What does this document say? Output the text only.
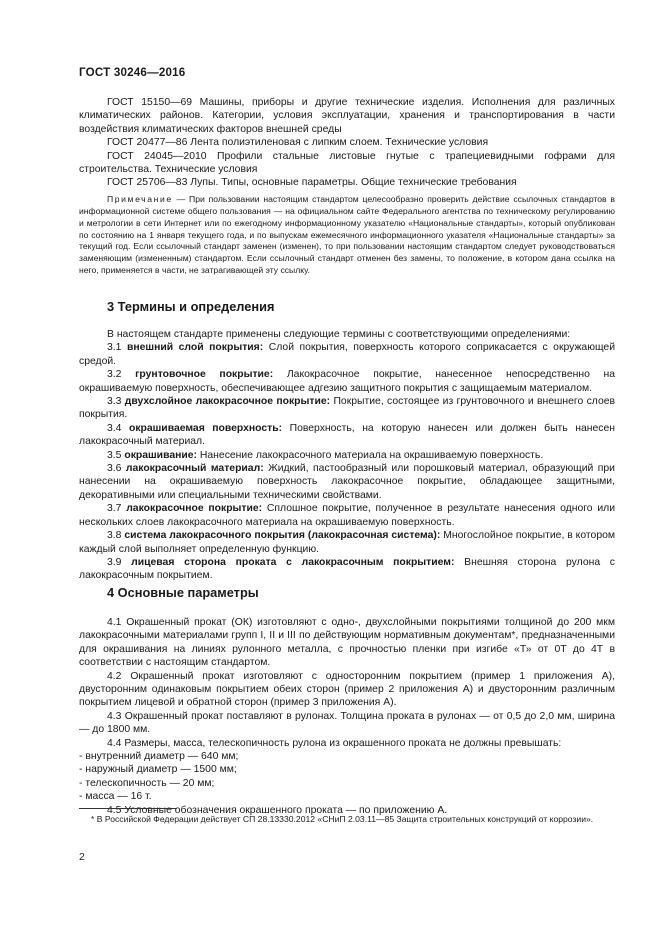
ГОСТ 30246—2016

ГОСТ 15150—69 Машины, приборы и другие технические изделия. Исполнения для различных климатических районов. Категории, условия эксплуатации, хранения и транспортирования в части воздействия климатических факторов внешней среды

ГОСТ 20477—86 Лента полиэтиленовая с липким слоем. Технические условия

ГОСТ 24045—2010 Профили стальные листовые гнутые с трапециевидными гофрами для строительства. Технические условия

ГОСТ 25706—83 Лупы. Типы, основные параметры. Общие технические требования

Примечание — При пользовании настоящим стандартом целесообразно проверить действие ссылочных стандартов в информационной системе общего пользования — на официальном сайте Федерального агентства по техническому регулированию и метрологии в сети Интернет или по ежегодному информационному указателю «Национальные стандарты», который опубликован по состоянию на 1 января текущего года, и по выпускам ежемесячного информационного указателя «Национальные стандарты» за текущий год. Если ссылочный стандарт заменен (изменен), то при пользовании настоящим стандартом следует руководствоваться заменяющим (измененным) стандартом. Если ссылочный стандарт отменен без замены, то положение, в котором дана ссылка на него, применяется в части, не затрагивающей эту ссылку.

3 Термины и определения

В настоящем стандарте применены следующие термины с соответствующими определениями:

3.1 внешний слой покрытия: Слой покрытия, поверхность которого соприкасается с окружающей средой.

3.2 грунтовочное покрытие: Лакокрасочное покрытие, нанесенное непосредственно на окрашиваемую поверхность, обеспечивающее адгезию защитного покрытия с защищаемым материалом.

3.3 двухслойное лакокрасочное покрытие: Покрытие, состоящее из грунтовочного и внешнего слоев покрытия.

3.4 окрашиваемая поверхность: Поверхность, на которую нанесен или должен быть нанесен лакокрасочный материал.

3.5 окрашивание: Нанесение лакокрасочного материала на окрашиваемую поверхность.

3.6 лакокрасочный материал: Жидкий, пастообразный или порошковый материал, образующий при нанесении на окрашиваемую поверхность лакокрасочное покрытие, обладающее защитными, декоративными или специальными техническими свойствами.

3.7 лакокрасочное покрытие: Сплошное покрытие, полученное в результате нанесения одного или нескольких слоев лакокрасочного материала на окрашиваемую поверхность.

3.8 система лакокрасочного покрытия (лакокрасочная система): Многослойное покрытие, в котором каждый слой выполняет определенную функцию.

3.9 лицевая сторона проката с лакокрасочным покрытием: Внешняя сторона рулона с лакокрасочным покрытием.

4 Основные параметры

4.1 Окрашенный прокат (ОК) изготовляют с одно-, двухслойными покрытиями толщиной до 200 мкм лакокрасочными материалами групп I, II и III по действующим нормативным документам*, предназначенными для окрашивания на линиях рулонного металла, с прочностью пленки при изгибе «Т» от 0Т до 4Т в соответствии с настоящим стандартом.

4.2 Окрашенный прокат изготовляют с односторонним покрытием (пример 1 приложения А), двусторонним одинаковым покрытием обеих сторон (пример 2 приложения А) и двусторонним различным покрытием лицевой и обратной сторон (пример 3 приложения А).

4.3 Окрашенный прокат поставляют в рулонах. Толщина проката в рулонах — от 0,5 до 2,0 мм, ширина — до 1800 мм.

4.4 Размеры, масса, телескопичность рулона из окрашенного проката не должны превышать:

- внутренний диаметр — 640 мм;

- наружный диаметр — 1500 мм;

- телескопичность — 20 мм;

- масса — 16 т.

4.5 Условные обозначения окрашенного проката — по приложению А.

* В Российской Федерации действует СП 28.13330.2012 «СНиП 2.03.11—85 Защита строительных конструкций от коррозии».

2
